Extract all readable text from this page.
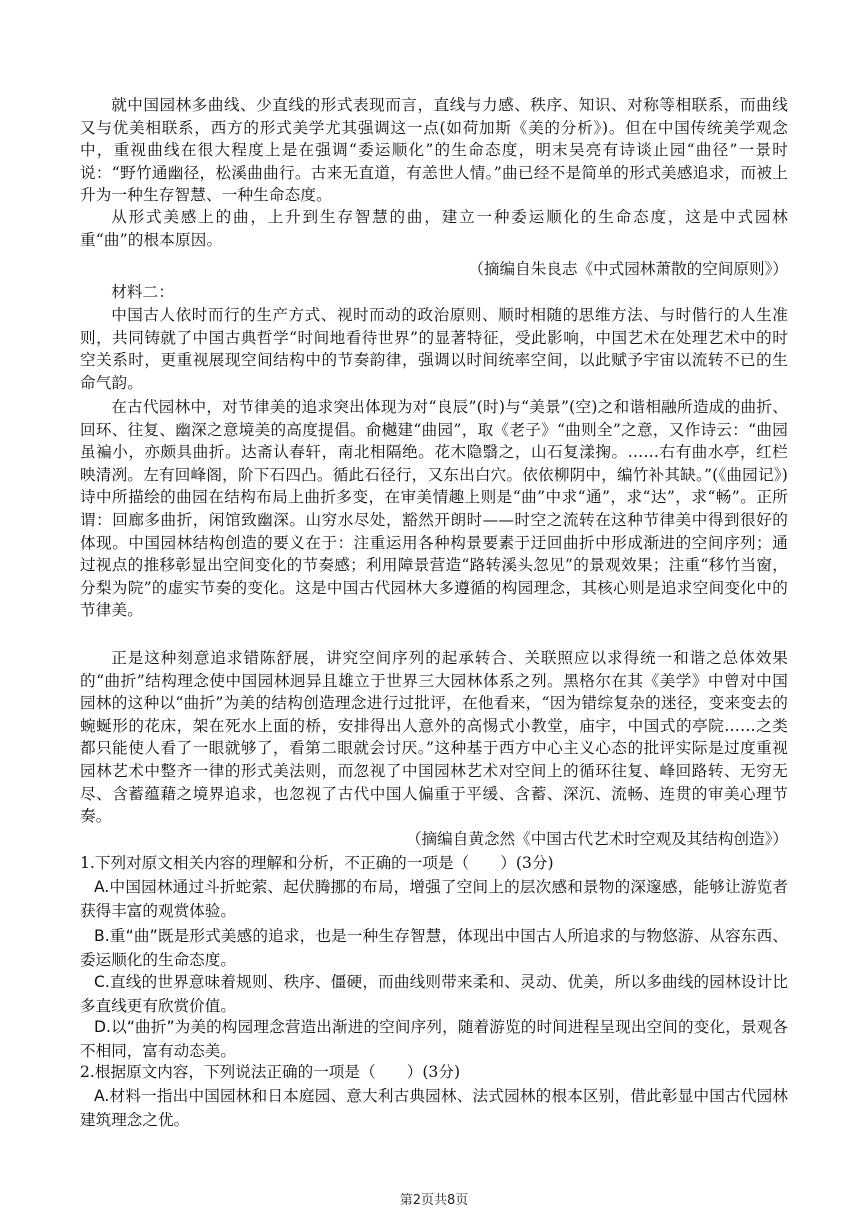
就中国园林多曲线、少直线的形式表现而言，直线与力感、秩序、知识、对称等相联系，而曲线又与优美相联系，西方的形式美学尤其强调这一点(如荷加斯《美的分析》)。但在中国传统美学观念中，重视曲线在很大程度上是在强调“委运顺化”的生命态度，明末吴亮有诗谈止园“曲径”一景时说：“野竹通幽径，松溪曲曲行。古来无直道，有恙世人情。”曲已经不是简单的形式美感追求，而被上升为一种生存智慧、一种生命态度。

从形式美感上的曲，上升到生存智慧的曲，建立一种委运顺化的生命态度，这是中式园林重“曲”的根本原因。

（摘编自朱良志《中式园林萧散的空间原则》）

材料二：

中国古人依时而行的生产方式、视时而动的政治原则、顺时相随的思维方法、与时偕行的人生准则，共同铸就了中国古典哲学“时间地看待世界”的显著特征，受此影响，中国艺术在处理艺术中的时空关系时，更重视展现空间结构中的节奏韵律，强调以时间统率空间，以此赋予宇宙以流转不已的生命气韵。

在古代园林中，对节律美的追求突出体现为对“良辰”(时)与“美景”(空)之和谐相融所造成的曲折、回环、往复、幽深之意境美的高度提倡。俞樾建“曲园”，取《老子》“曲则全”之意，又作诗云：“曲园虽褊小，亦颇具曲折。达斋认春轩，南北相隔绝。花木隐翳之，山石复漾掬。……右有曲水亭，红栏映清冽。左有回峰阁，阶下石四凸。循此石径行，又东出白穴。依依柳阴中，编竹补其缺。”(《曲园记》)诗中所描绘的曲园在结构布局上曲折多变，在审美情趣上则是“曲”中求“通”，求“达”，求“畅”。正所谓：回廊多曲折，闲馆致幽深。山穷水尽处，豁然开朗时——时空之流转在这种节律美中得到很好的体现。中国园林结构创造的要义在于：注重运用各种构景要素于迂回曲折中形成渐进的空间序列；通过视点的推移彰显出空间变化的节奏感；利用障景营造“路转溪头忽见”的景观效果；注重“移竹当窗，分梨为院”的虚实节奏的变化。这是中国古代园林大多遵循的构园理念，其核心则是追求空间变化中的节律美。

正是这种刻意追求错陈舒展，讲究空间序列的起承转合、关联照应以求得统一和谐之总体效果的“曲折”结构理念使中国园林迥异且雄立于世界三大园林体系之列。黑格尔在其《美学》中曾对中国园林的这种以“曲折”为美的结构创造理念进行过批评，在他看来，“因为错综复杂的迷径，变来变去的蜿蜒形的花床，架在死水上面的桥，安排得出人意外的高惕式小教堂，庙宇，中国式的亭院……之类都只能使人看了一眼就够了，看第二眼就会讨厌。”这种基于西方中心主义心态的批评实际是过度重视园林艺术中整齐一律的形式美法则，而忽视了中国园林艺术对空间上的循环往复、峰回路转、无穷无尽、含蓄蕴藉之境界追求，也忽视了古代中国人偏重于平缓、含蓄、深沉、流畅、连贯的审美心理节奏。

（摘编自黄念然《中国古代艺术时空观及其结构创造》）

1.下列对原文相关内容的理解和分析，不正确的一项是（　　）(3分)

A.中国园林通过斗折蛇萦、起伏腾挪的布局，增强了空间上的层次感和景物的深邃感，能够让游览者获得丰富的观赏体验。

B.重“曲”既是形式美感的追求，也是一种生存智慧，体现出中国古人所追求的与物悠游、从容东西、委运顺化的生命态度。

C.直线的世界意味着规则、秩序、僵硬，而曲线则带来柔和、灵动、优美，所以多曲线的园林设计比多直线更有欣赏价值。

D.以“曲折”为美的构园理念营造出渐进的空间序列，随着游览的时间进程呈现出空间的变化，景观各不相同，富有动态美。

2.根据原文内容，下列说法正确的一项是（　　）(3分)

A.材料一指出中国园林和日本庭园、意大利古典园林、法式园林的根本区别，借此彰显中国古代园林建筑理念之优。

第2页共8页
